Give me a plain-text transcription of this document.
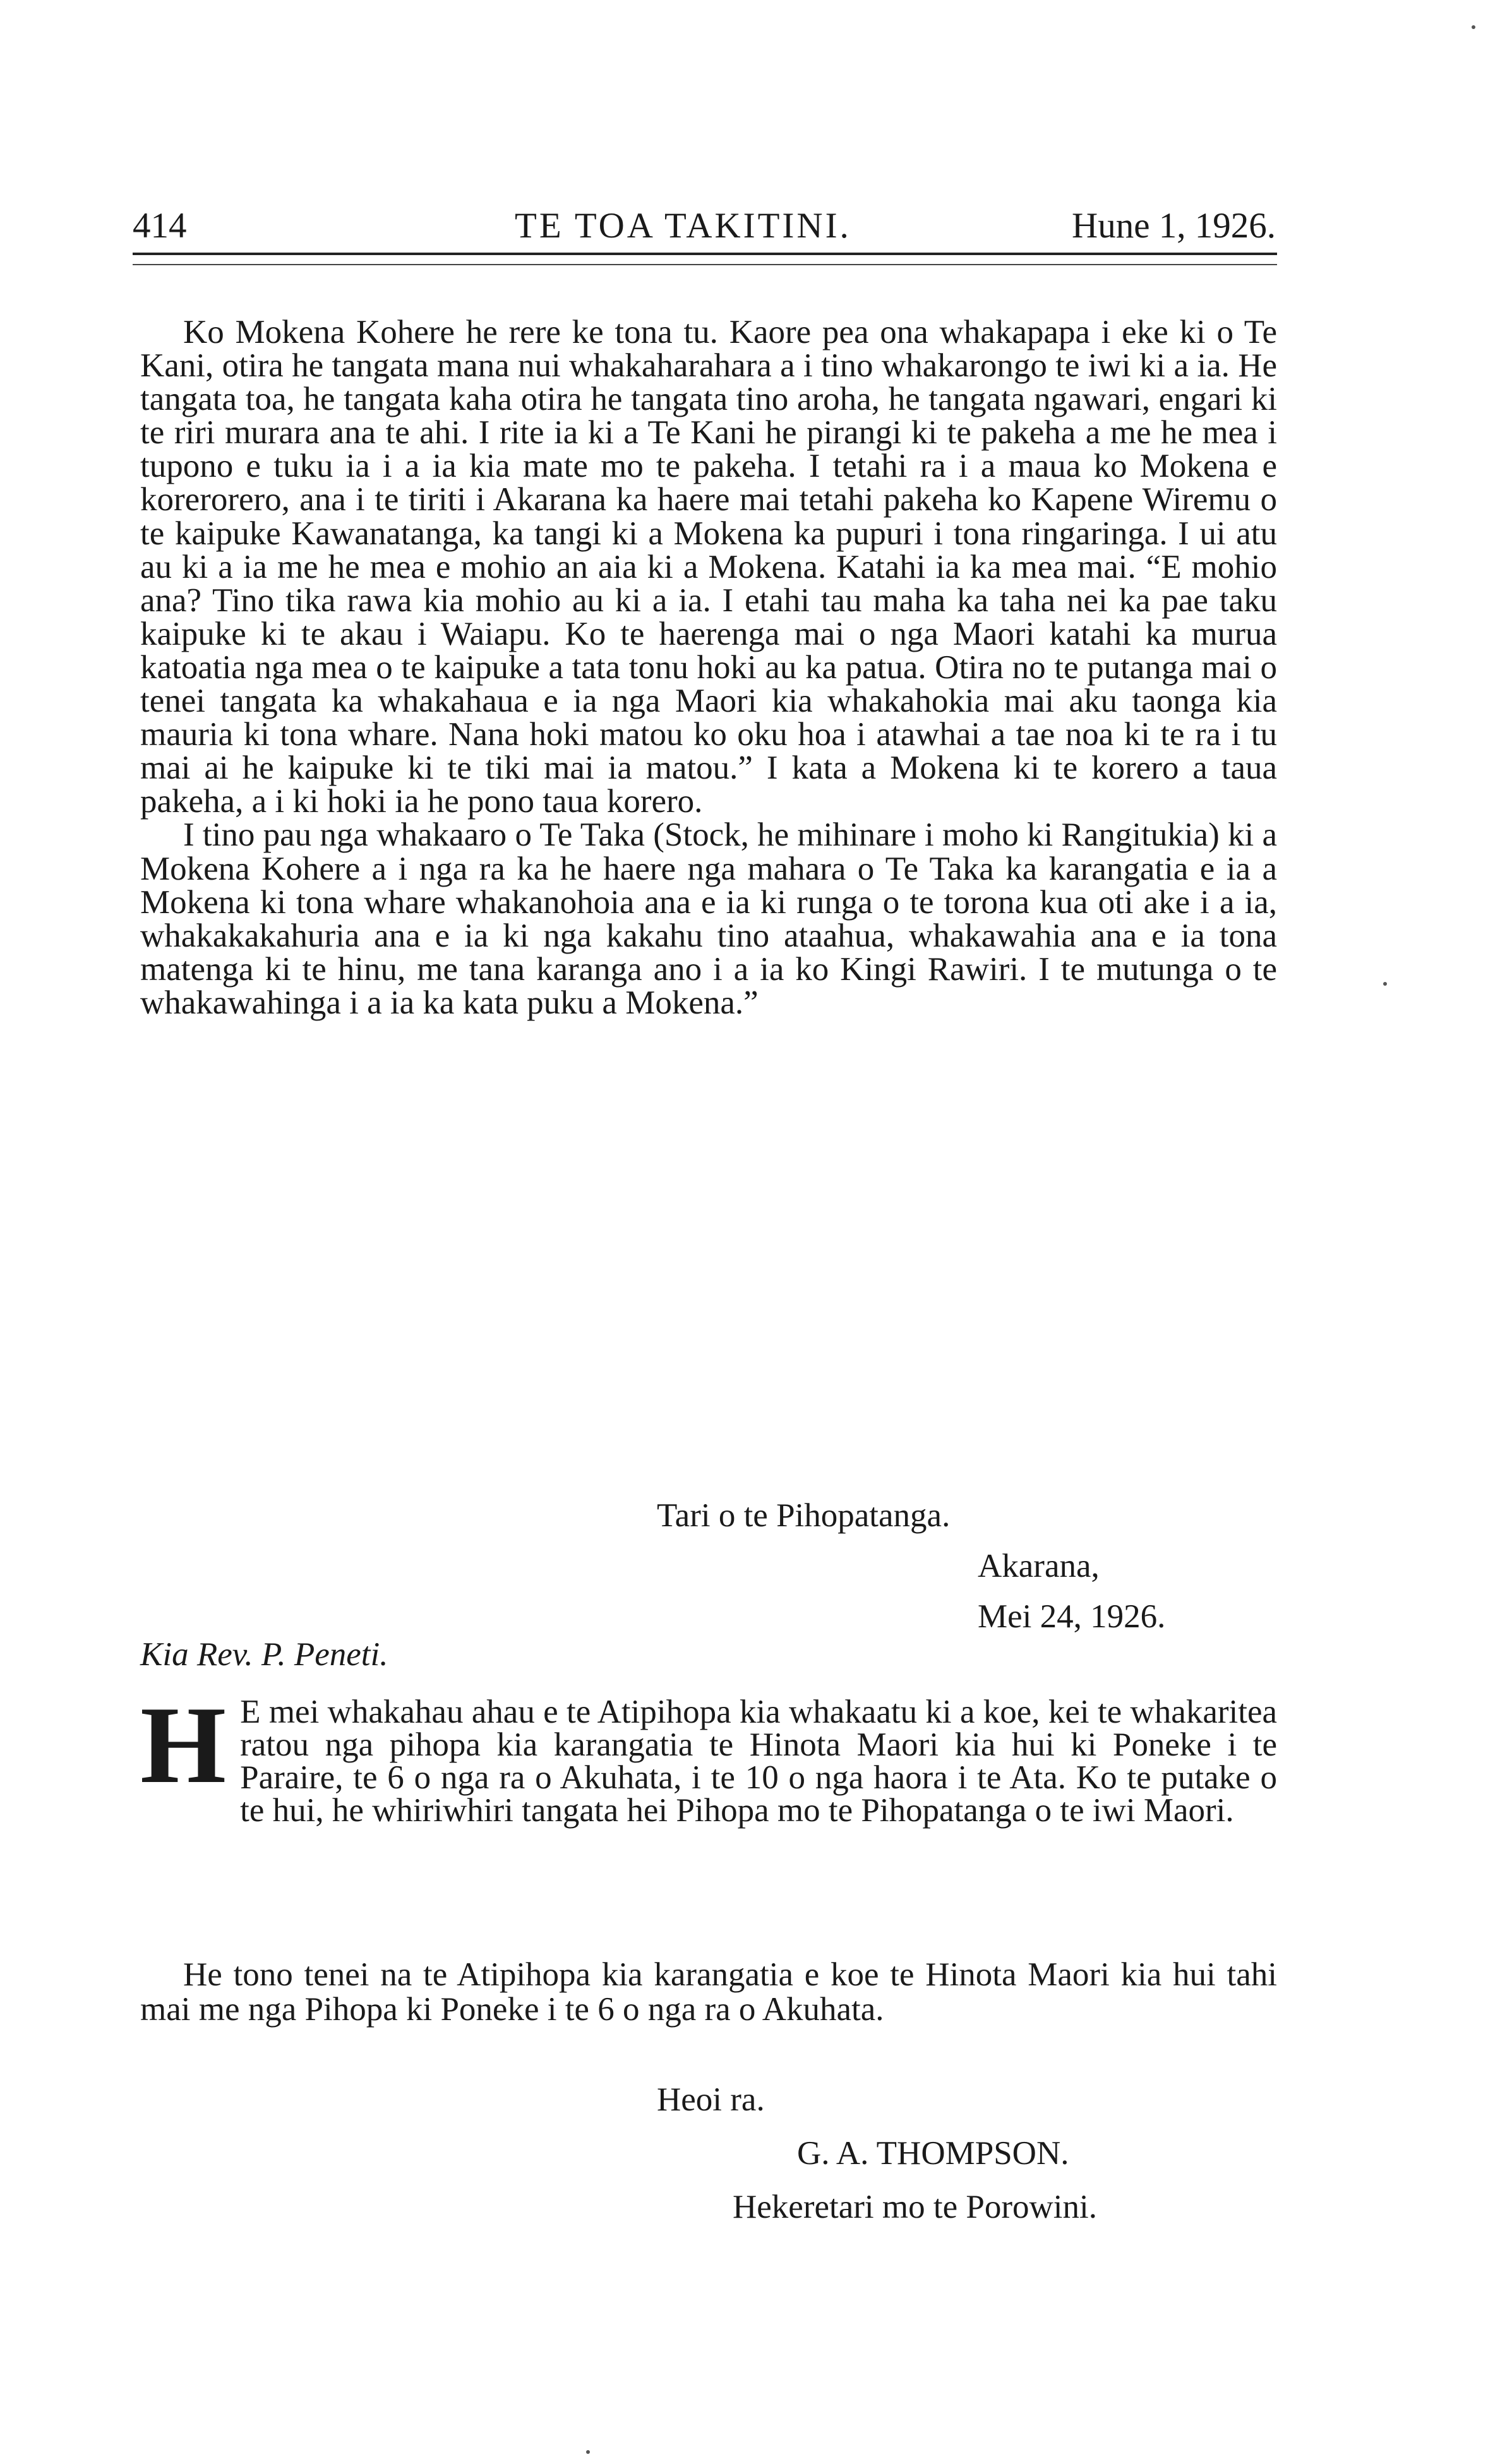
414	TE TOA TAKITINI.	Hune 1, 1926.

Ko Mokena Kohere he rere ke tona tu. Kaore pea ona whakapapa i eke ki o Te Kani, otira he tangata mana nui whakaharahara a i tino whakarongo te iwi ki a ia. He tangata toa, he tangata kaha otira he tangata tino aroha, he tangata ngawari, engari ki te riri murara ana te ahi. I rite ia ki a Te Kani he pirangi ki te pakeha a me he mea i tupono e tuku ia i a ia kia mate mo te pakeha. I tetahi ra i a maua ko Mokena e korerorero, ana i te tiriti i Akarana ka haere mai tetahi pakeha ko Kapene Wiremu o te kaipuke Kawanatanga, ka tangi ki a Mokena ka pupuri i tona ringaringa. I ui atu au ki a ia me he mea e mohio an aia ki a Mokena. Katahi ia ka mea mai. “E mohio ana? Tino tika rawa kia mohio au ki a ia. I etahi tau maha ka taha nei ka pae taku kaipuke ki te akau i Waiapu. Ko te haerenga mai o nga Maori katahi ka murua katoatia nga mea o te kaipuke a tata tonu hoki au ka patua. Otira no te putanga mai o tenei tangata ka whakahaua e ia nga Maori kia whakahokia mai aku taonga kia mauria ki tona whare. Nana hoki matou ko oku hoa i atawhai a tae noa ki te ra i tu mai ai he kaipuke ki te tiki mai ia matou.” I kata a Mokena ki te korero a taua pakeha, a i ki hoki ia he pono taua korero.

I tino pau nga whakaaro o Te Taka (Stock, he mihinare i moho ki Rangitukia) ki a Mokena Kohere a i nga ra ka he haere nga mahara o Te Taka ka karangatia e ia a Mokena ki tona whare whakanohoia ana e ia ki runga o te torona kua oti ake i a ia, whakakakahuria ana e ia ki nga kakahu tino ataahua, whakawahia ana e ia tona matenga ki te hinu, me tana karanga ano i a ia ko Kingi Rawiri. I te mutunga o te whakawahinga i a ia ka kata puku a Mokena.”

Tari o te Pihopatanga.
Akarana,
Mei 24, 1926.
Kia Rev. P. Peneti.
H E mei whakahau ahau e te Atipihopa kia whakaatu ki a koe, kei te whakaritea ratou nga pihopa kia karangatia te Hinota Maori kia hui ki Poneke i te Paraire, te 6 o nga ra o Akuhata, i te 10 o nga haora i te Ata. Ko te putake o te hui, he whiriwhiri tangata hei Pihopa mo te Pihopatanga o te iwi Maori.

He tono tenei na te Atipihopa kia karangatia e koe te Hinota Maori kia hui tahi mai me nga Pihopa ki Poneke i te 6 o nga ra o Akuhata.

Heoi ra.
G. A. THOMPSON.
Hekeretari mo te Porowini.
